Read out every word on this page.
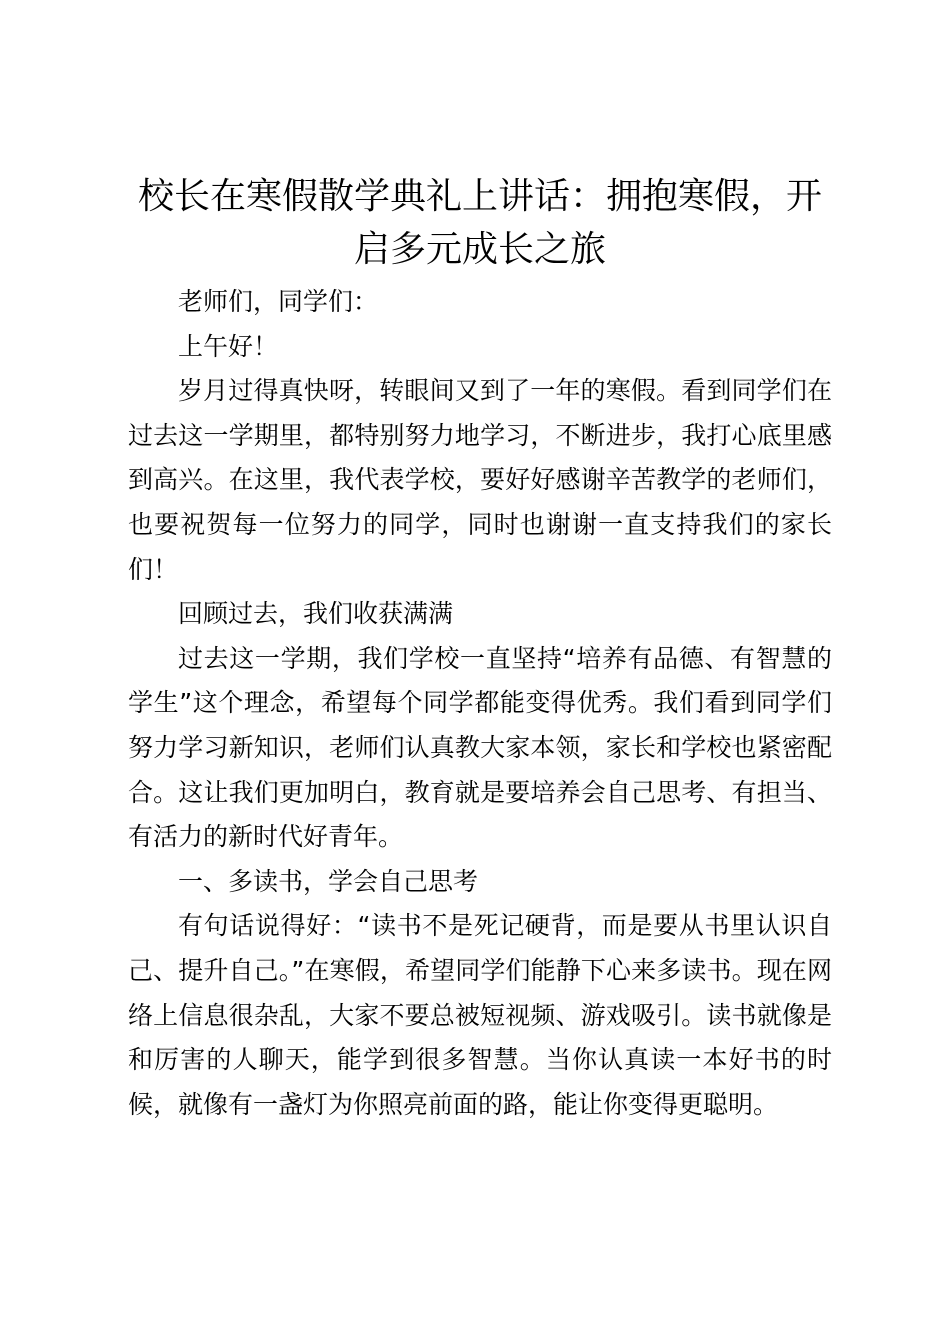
校长在寒假散学典礼上讲话：拥抱寒假，开启多元成长之旅

老师们，同学们：

上午好！

岁月过得真快呀，转眼间又到了一年的寒假。看到同学们在过去这一学期里，都特别努力地学习，不断进步，我打心底里感到高兴。在这里，我代表学校，要好好感谢辛苦教学的老师们，也要祝贺每一位努力的同学，同时也谢谢一直支持我们的家长们！

回顾过去，我们收获满满

过去这一学期，我们学校一直坚持“培养有品德、有智慧的学生”这个理念，希望每个同学都能变得优秀。我们看到同学们努力学习新知识，老师们认真教大家本领，家长和学校也紧密配合。这让我们更加明白，教育就是要培养会自己思考、有担当、有活力的新时代好青年。

一、多读书，学会自己思考

有句话说得好：“读书不是死记硬背，而是要从书里认识自己、提升自己。”在寒假，希望同学们能静下心来多读书。现在网络上信息很杂乱，大家不要总被短视频、游戏吸引。读书就像是和厉害的人聊天，能学到很多智慧。当你认真读一本好书的时候，就像有一盏灯为你照亮前面的路，能让你变得更聪明。
